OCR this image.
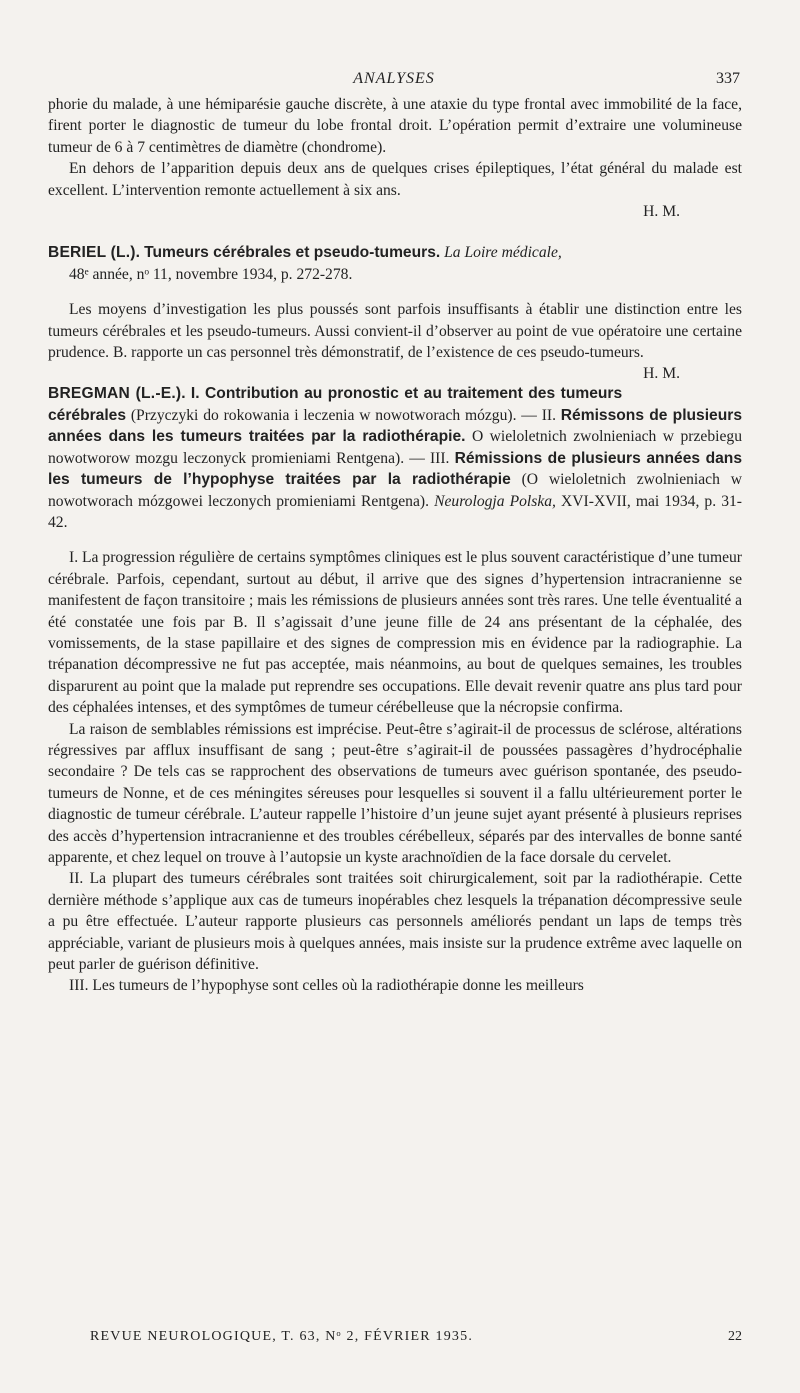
ANALYSES	337

phorie du malade, à une hémiparésie gauche discrète, à une ataxie du type frontal avec immobilité de la face, firent porter le diagnostic de tumeur du lobe frontal droit. L’opération permit d’extraire une volumineuse tumeur de 6 à 7 centimètres de diamètre (chondrome).

En dehors de l’apparition depuis deux ans de quelques crises épileptiques, l’état général du malade est excellent. L’intervention remonte actuellement à six ans.

H. M.

BERIEL (L.). Tumeurs cérébrales et pseudo-tumeurs. La Loire médicale,
48ᵉ année, nᵒ 11, novembre 1934, p. 272-278.

Les moyens d’investigation les plus poussés sont parfois insuffisants à établir une distinction entre les tumeurs cérébrales et les pseudo-tumeurs. Aussi convient-il d’observer au point de vue opératoire une certaine prudence. B. rapporte un cas personnel très démonstratif, de l’existence de ces pseudo-tumeurs.
H. M.

BREGMAN (L.-E.). I. Contribution au pronostic et au traitement des tumeurs cérébrales (Przyczyki do rokowania i leczenia w nowotworach mózgu). — II. Rémissons de plusieurs années dans les tumeurs traitées par la radiothérapie. O wieloletnich zwolnieniach w przebiegu nowotworow mozgu leczonyck promieniami Rentgena). — III. Rémissions de plusieurs années dans les tumeurs de l’hypophyse traitées par la radiothérapie (O wieloletnich zwolnieniach w nowotworach mózgowei leczonych promieniami Rentgena). Neurologja Polska, XVI-XVII, mai 1934, p. 31-42.

I. La progression régulière de certains symptômes cliniques est le plus souvent caractéristique d’une tumeur cérébrale. Parfois, cependant, surtout au début, il arrive que des signes d’hypertension intracranienne se manifestent de façon transitoire ; mais les rémissions de plusieurs années sont très rares. Une telle éventualité a été constatée une fois par B. Il s’agissait d’une jeune fille de 24 ans présentant de la céphalée, des vomissements, de la stase papillaire et des signes de compression mis en évidence par la radiographie. La trépanation décompressive ne fut pas acceptée, mais néanmoins, au bout de quelques semaines, les troubles disparurent au point que la malade put reprendre ses occupations. Elle devait revenir quatre ans plus tard pour des céphalées intenses, et des symptômes de tumeur cérébelleuse que la nécropsie confirma.

La raison de semblables rémissions est imprécise. Peut-être s’agirait-il de processus de sclérose, altérations régressives par afflux insuffisant de sang ; peut-être s’agirait-il de poussées passagères d’hydrocéphalie secondaire ? De tels cas se rapprochent des observations de tumeurs avec guérison spontanée, des pseudo-tumeurs de Nonne, et de ces méningites séreuses pour lesquelles si souvent il a fallu ultérieurement porter le diagnostic de tumeur cérébrale. L’auteur rappelle l’histoire d’un jeune sujet ayant présenté à plusieurs reprises des accès d’hypertension intracranienne et des troubles cérébelleux, séparés par des intervalles de bonne santé apparente, et chez lequel on trouve à l’autopsie un kyste arachnoïdien de la face dorsale du cervelet.

II. La plupart des tumeurs cérébrales sont traitées soit chirurgicalement, soit par la radiothérapie. Cette dernière méthode s’applique aux cas de tumeurs inopérables chez lesquels la trépanation décompressive seule a pu être effectuée. L’auteur rapporte plusieurs cas personnels améliorés pendant un laps de temps très appréciable, variant de plusieurs mois à quelques années, mais insiste sur la prudence extrême avec laquelle on peut parler de guérison définitive.

III. Les tumeurs de l’hypophyse sont celles où la radiothérapie donne les meilleurs

REVUE NEUROLOGIQUE, T. 63, Nᵒ 2, FÉVRIER 1935.	22
